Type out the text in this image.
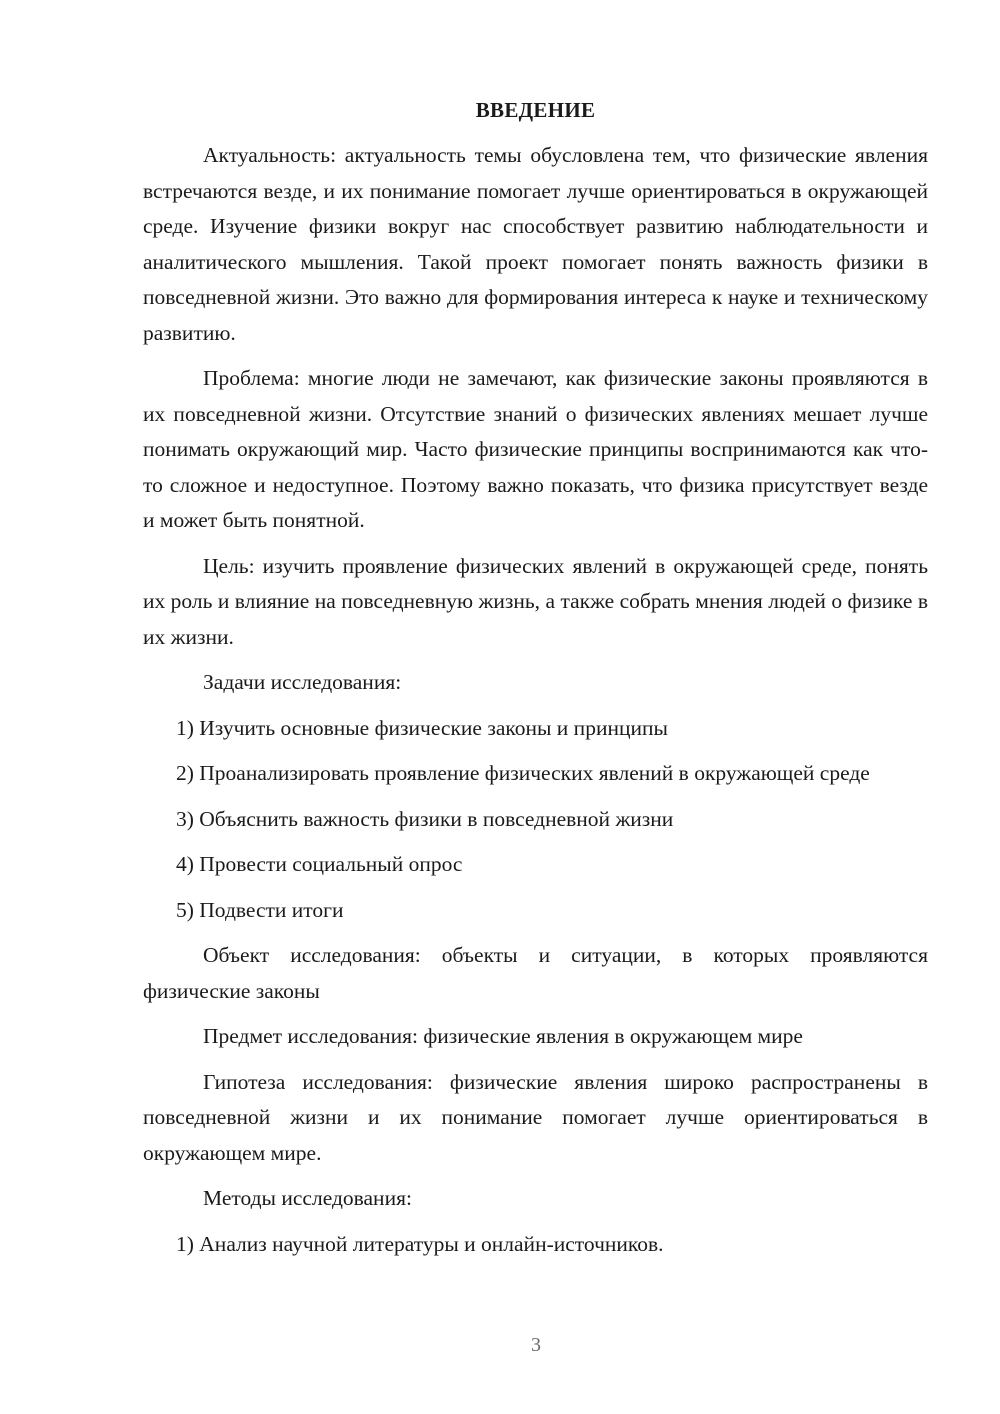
ВВЕДЕНИЕ

Актуальность: актуальность темы обусловлена тем, что физические явления встречаются везде, и их понимание помогает лучше ориентироваться в окружающей среде. Изучение физики вокруг нас способствует развитию наблюдательности и аналитического мышления. Такой проект помогает понять важность физики в повседневной жизни. Это важно для формирования интереса к науке и техническому развитию.

Проблема: многие люди не замечают, как физические законы проявляются в их повседневной жизни. Отсутствие знаний о физических явлениях мешает лучше понимать окружающий мир. Часто физические принципы воспринимаются как что-то сложное и недоступное. Поэтому важно показать, что физика присутствует везде и может быть понятной.

Цель: изучить проявление физических явлений в окружающей среде, понять их роль и влияние на повседневную жизнь, а также собрать мнения людей о физике в их жизни.

Задачи исследования:

1) Изучить основные физические законы и принципы

2) Проанализировать проявление физических явлений в окружающей среде

3) Объяснить важность физики в повседневной жизни

4) Провести социальный опрос

5) Подвести итоги

Объект исследования: объекты и ситуации, в которых проявляются физические законы

Предмет исследования: физические явления в окружающем мире

Гипотеза исследования: физические явления широко распространены в повседневной жизни и их понимание помогает лучше ориентироваться в окружающем мире.

Методы исследования:

1) Анализ научной литературы и онлайн-источников.

3
